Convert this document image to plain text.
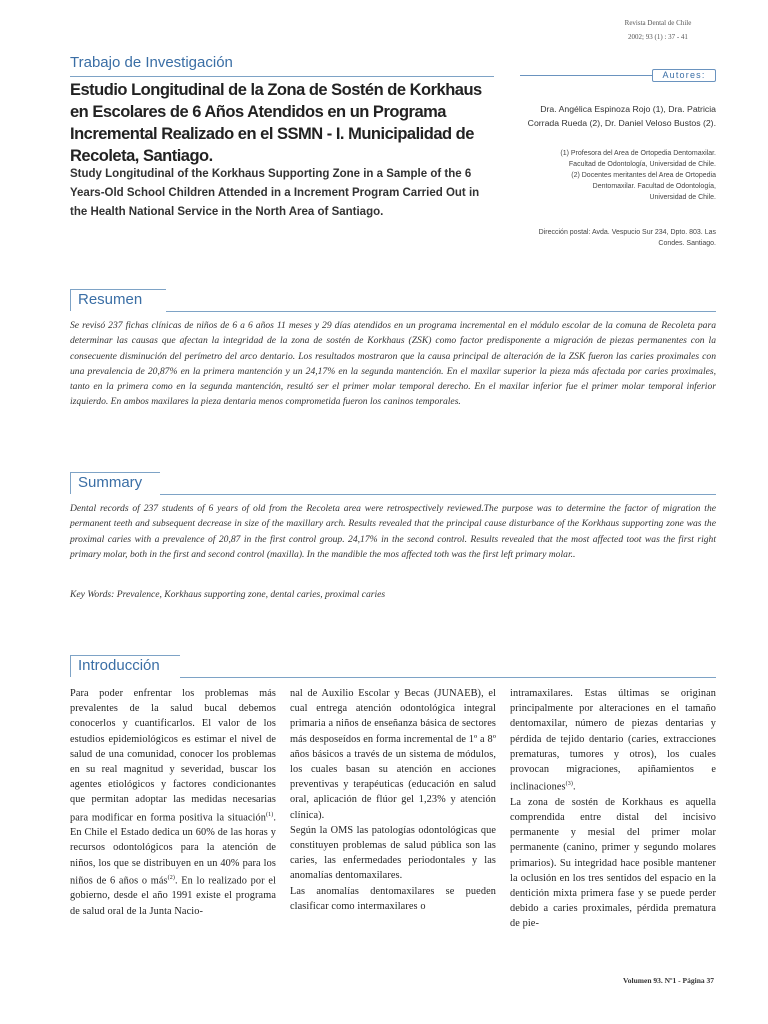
Revista Dental de Chile
2002; 93 (1) : 37 - 41
Trabajo de Investigación
Estudio Longitudinal de la Zona de Sostén de Korkhaus en Escolares de 6 Años Atendidos en un Programa Incremental Realizado en el SSMN - I. Municipalidad de Recoleta, Santiago.
Study Longitudinal of the Korkhaus Supporting Zone in a Sample of the 6 Years-Old School Children Attended in a Increment Program Carried Out in the Health National Service in the North Area of Santiago.
Autores:
Dra. Angélica Espinoza Rojo (1), Dra. Patricia Corrada Rueda (2), Dr. Daniel Veloso Bustos (2).
(1) Profesora del Area de Ortopedia Dentomaxilar. Facultad de Odontología, Universidad de Chile. (2) Docentes meritantes del Area de Ortopedia Dentomaxilar. Facultad de Odontología, Universidad de Chile.
Dirección postal: Avda. Vespucio Sur 234, Dpto. 803. Las Condes. Santiago.
Resumen
Se revisó 237 fichas clínicas de niños de 6 a 6 años 11 meses y 29 días atendidos en un programa incremental en el módulo escolar de la comuna de Recoleta para determinar las causas que afectan la integridad de la zona de sostén de Korkhaus (ZSK) como factor predisponente a migración de piezas permanentes con la consecuente disminución del perímetro del arco dentario. Los resultados mostraron que la causa principal de alteración de la ZSK fueron las caries proximales con una prevalencia de 20,87% en la primera mantención y un 24,17% en la segunda mantención. En el maxilar superior la pieza más afectada por caries proximales, tanto en la primera como en la segunda mantención, resultó ser el primer molar temporal derecho. En el maxilar inferior fue el primer molar temporal inferior izquierdo. En ambos maxilares la pieza dentaria menos comprometida fueron los caninos temporales.
Summary
Dental records of 237 students of 6 years of old from the Recoleta area were retrospectively reviewed.The purpose was to determine the factor of migration the permanent teeth and subsequent decrease in size of the maxillary arch. Results revealed that the principal cause disturbance of the Korkhaus supporting zone was the proximal caries with a prevalence of 20,87 in the first control group. 24,17% in the second control. Results revealed that the most affected toot was the first right primary molar, both in the first and second control (maxilla). In the mandible the mos affected toth was the first left primary molar..
Key Words: Prevalence, Korkhaus supporting zone, dental caries, proximal caries
Introducción

Para poder enfrentar los problemas más prevalentes de la salud bucal debemos conocerlos y cuantificarlos. El valor de los estudios epidemiológicos es estimar el nivel de salud de una comunidad, conocer los problemas en su real magnitud y severidad, buscar los agentes etiológicos y factores condicionantes que permitan adoptar las medidas necesarias para modificar en forma positiva la situación$^{(1)}$. En Chile el Estado dedica un 60% de las horas y recursos odontológicos para la atención de niños, los que se distribuyen en un 40% para los niños de 6 años o más$^{(2)}$. En lo realizado por el gobierno, desde el año 1991 existe el programa de salud oral de la Junta Nacio-

nal de Auxilio Escolar y Becas (JUNAEB), el cual entrega atención odontológica integral primaria a niños de enseñanza básica de sectores más desposeídos en forma incremental de 1º a 8º años básicos a través de un sistema de módulos, los cuales basan su atención en acciones preventivas y terapéuticas (educación en salud oral, aplicación de flúor gel 1,23% y atención clínica).

Según la OMS las patologías odontológicas que constituyen problemas de salud pública son las caries, las enfermedades periodontales y las anomalías dentomaxilares.

Las anomalías dentomaxilares se pueden clasificar como intermaxilares o

intramaxilares. Estas últimas se originan principalmente por alteraciones en el tamaño dentomaxilar, número de piezas dentarias y pérdida de tejido dentario (caries, extracciones prematuras, tumores y otros), los cuales provocan migraciones, apiñamientos e inclinaciones$^{(3)}$.

La zona de sostén de Korkhaus es aquella comprendida entre distal del incisivo permanente y mesial del primer molar permanente (canino, primer y segundo molares primarios). Su integridad hace posible mantener la oclusión en los tres sentidos del espacio en la dentición mixta primera fase y se puede perder debido a caries proximales, pérdida prematura de pie-

Volumen 93. Nº1 - Página 37
